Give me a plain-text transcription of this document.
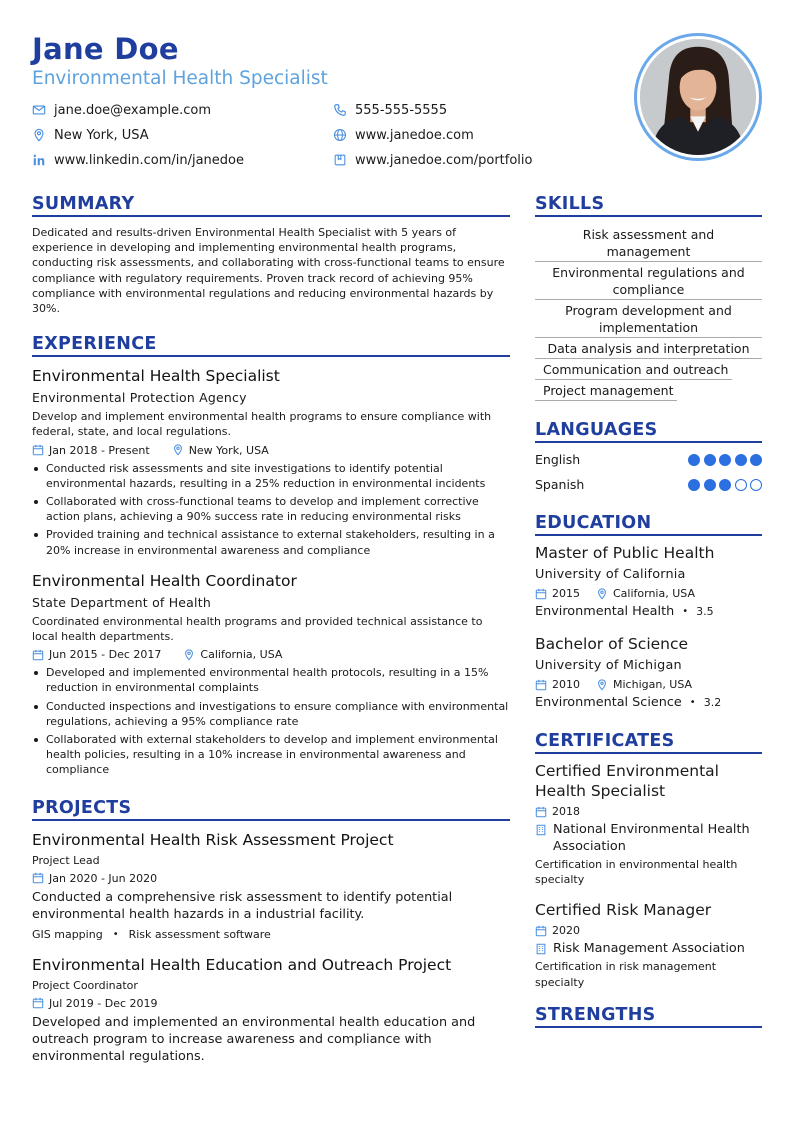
Jane Doe
Environmental Health Specialist
jane.doe@example.com	555-555-5555
New York, USA	www.janedoe.com
www.linkedin.com/in/janedoe	www.janedoe.com/portfolio
SUMMARY
Dedicated and results-driven Environmental Health Specialist with 5 years of experience in developing and implementing environmental health programs, conducting risk assessments, and collaborating with cross-functional teams to ensure compliance with regulatory requirements. Proven track record of achieving 95% compliance with environmental regulations and reducing environmental hazards by 30%.
EXPERIENCE
Environmental Health Specialist
Environmental Protection Agency
Develop and implement environmental health programs to ensure compliance with federal, state, and local regulations.
Jan 2018 - Present	New York, USA
Conducted risk assessments and site investigations to identify potential environmental hazards, resulting in a 25% reduction in environmental incidents
Collaborated with cross-functional teams to develop and implement corrective action plans, achieving a 90% success rate in reducing environmental risks
Provided training and technical assistance to external stakeholders, resulting in a 20% increase in environmental awareness and compliance
Environmental Health Coordinator
State Department of Health
Coordinated environmental health programs and provided technical assistance to local health departments.
Jun 2015 - Dec 2017	California, USA
Developed and implemented environmental health protocols, resulting in a 15% reduction in environmental complaints
Conducted inspections and investigations to ensure compliance with environmental regulations, achieving a 95% compliance rate
Collaborated with external stakeholders to develop and implement environmental health policies, resulting in a 10% increase in environmental awareness and compliance
PROJECTS
Environmental Health Risk Assessment Project
Project Lead
Jan 2020 - Jun 2020
Conducted a comprehensive risk assessment to identify potential environmental health hazards in a industrial facility.
GIS mapping • Risk assessment software
Environmental Health Education and Outreach Project
Project Coordinator
Jul 2019 - Dec 2019
Developed and implemented an environmental health education and outreach program to increase awareness and compliance with environmental regulations.
SKILLS
Risk assessment and management
Environmental regulations and compliance
Program development and implementation
Data analysis and interpretation
Communication and outreach
Project management
LANGUAGES
English
Spanish
EDUCATION
Master of Public Health
University of California
2015	California, USA
Environmental Health • 3.5
Bachelor of Science
University of Michigan
2010	Michigan, USA
Environmental Science • 3.2
CERTIFICATES
Certified Environmental Health Specialist
2018
National Environmental Health Association
Certification in environmental health specialty
Certified Risk Manager
2020
Risk Management Association
Certification in risk management specialty
STRENGTHS
